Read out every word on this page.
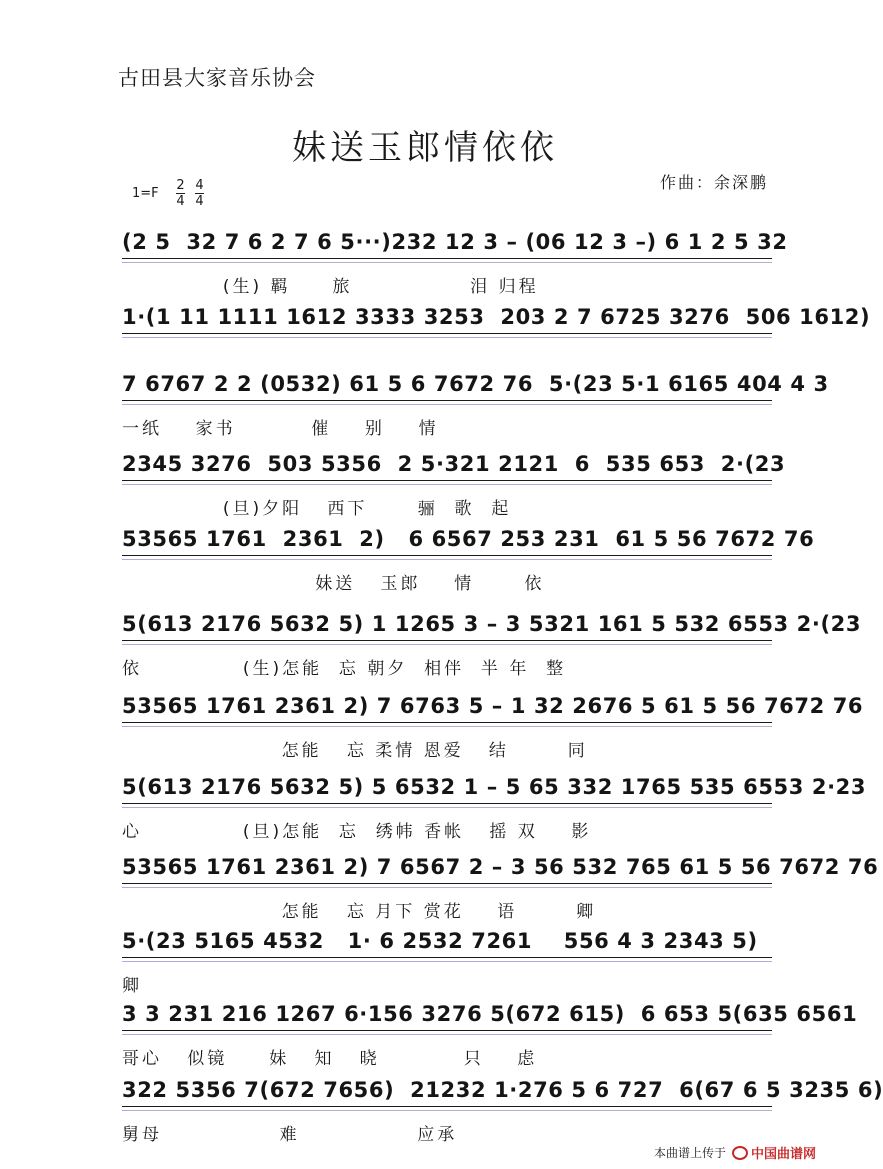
古田县大家音乐协会
妹送玉郎情依依
作曲：余深鹏
$1=F \frac{2}{4} \frac{4}{4}$
(2 5  32 7 6 2 7 6 5···)232 12 3 – (06 12 3 –) 6 1 2 5 32
(生) 羁     旅              泪 归程
1·(1 11 1111 1612 3333 3253  203 2 7 6725 3276  506 1612)
7 6767 2 2 (0532) 61 5 6 7672 76  5·(23 5·1 6165 404 4 3
一纸    家书         催    别    情
2345 3276  503 5356  2 5·321 2121  6  535 653  2·(23
(旦)夕阳   西下      骊  歌  起
53565 1761  2361  2)   6 6567 253 231  61 5 56 7672 76
妹送   玉郎    情      依
5(613 2176 5632 5) 1 1265 3 – 3 5321 161 5 532 6553 2·(23
依            (生)怎能  忘 朝夕  相伴  半 年  整
53565 1761 2361 2) 7 6763 5 – 1 32 2676 5 61 5 56 7672 76
怎能   忘 柔情 恩爱   结       同
5(613 2176 5632 5) 5 6532 1 – 5 65 332 1765 535 6553 2·23
心            (旦)怎能  忘  绣帏 香帐   摇 双    影
53565 1761 2361 2) 7 6567 2 – 3 56 532 765 61 5 56 7672 76
怎能   忘 月下 赏花    语       卿
5·(23 5165 4532   1· 6 2532 7261    556 4 3 2343 5)
卿
3 3 231 216 1267 6·156 3276 5(672 615)  6 653 5(635 6561
哥心   似镜     妹   知   晓          只    虑
322 5356 7(672 7656)  21232 1·276 5 6 727  6(67 6 5 3235 6)
舅母              难              应承
本曲谱上传于 中国曲谱网
